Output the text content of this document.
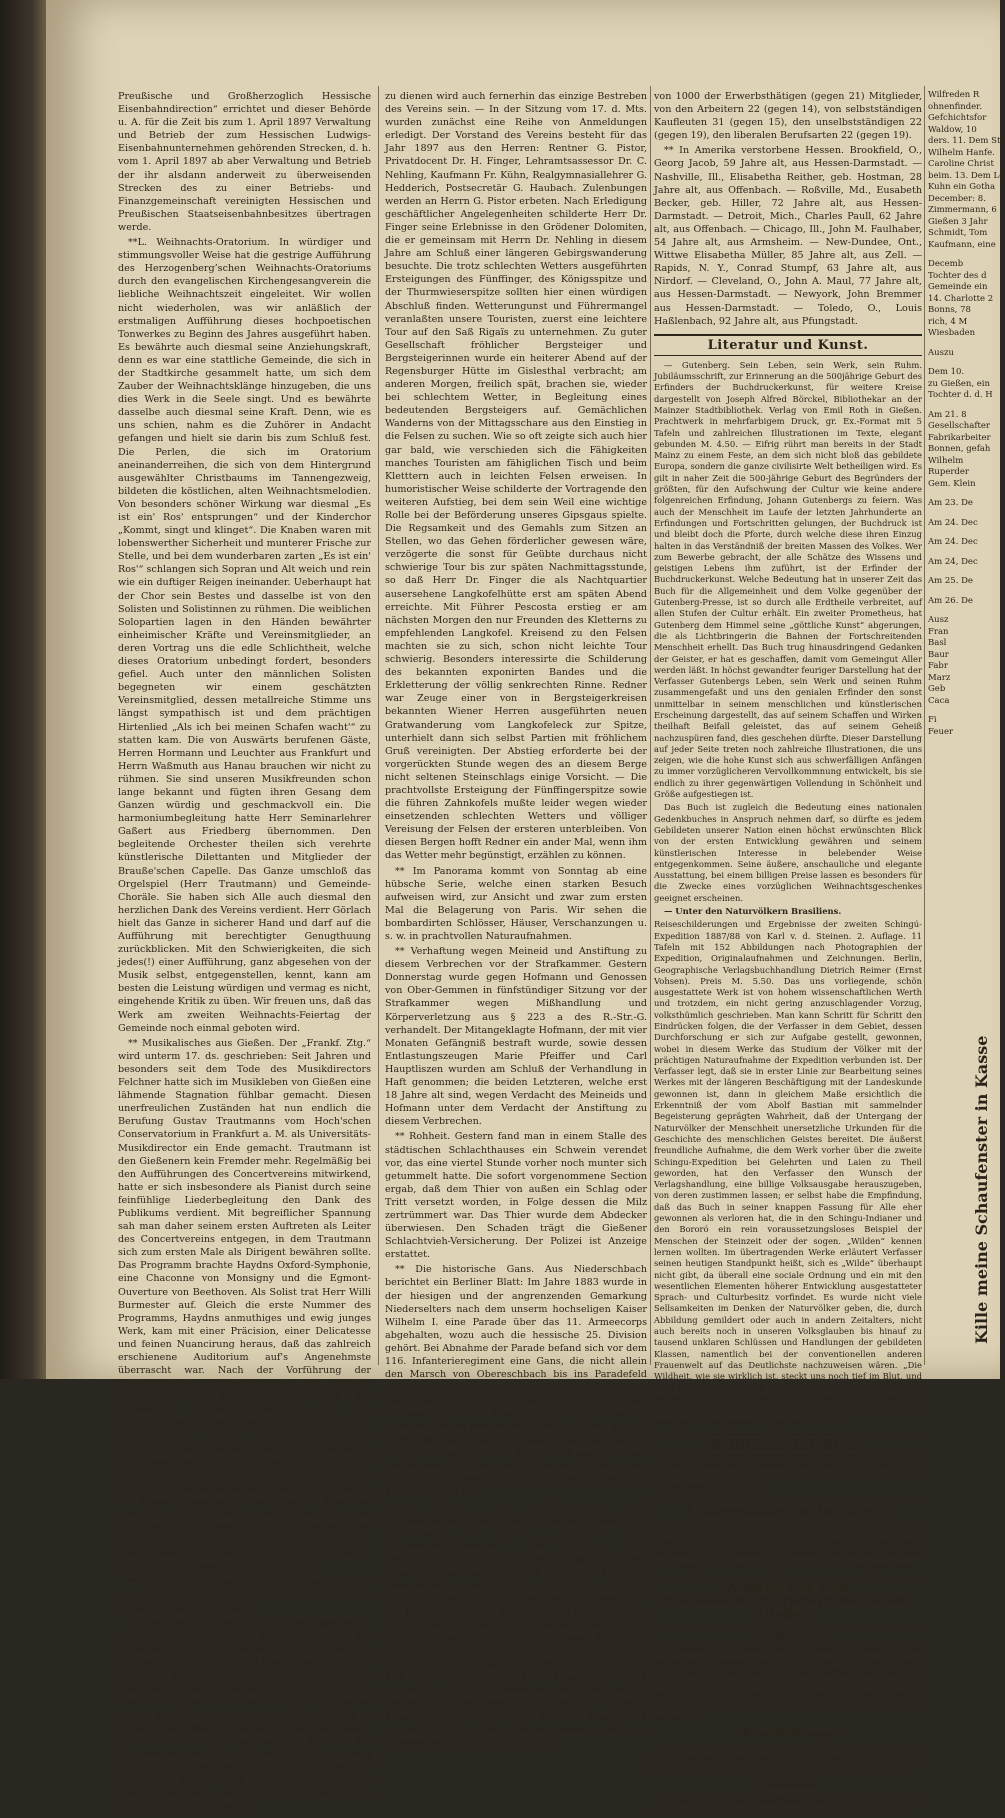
Preußische und Großherzoglich Hessische Eisenbahndirection“ errichtet und dieser Behörde u. A. für die Zeit bis zum 1. April 1897 Verwaltung und Betrieb der zum Hessischen Ludwigs-Eisenbahnunternehmen gehörenden Strecken, d. h. vom 1. April 1897 ab aber Verwaltung und Betrieb der ihr alsdann anderweit zu überweisenden Strecken des zu einer Betriebs- und Finanzgemeinschaft vereinigten Hessischen und Preußischen Staatseisenbahnbesitzes übertragen werde.

**L. Weihnachts-Oratorium. In würdiger und stimmungsvoller Weise hat die gestrige Aufführung des Herzogenberg’schen Weihnachts-Oratoriums durch den evangelischen Kirchengesangverein die liebliche Weihnachtszeit eingeleitet. Wir wollen nicht wiederholen, was wir anläßlich der erstmaligen Aufführung dieses hochpoetischen Tonwerkes zu Beginn des Jahres ausgeführt haben. Es bewährte auch diesmal seine Anziehungskraft, denn es war eine stattliche Gemeinde, die sich in der Stadtkirche gesammelt hatte, um sich dem Zauber der Weihnachtsklänge hinzugeben, die uns dies Werk in die Seele singt. Und es bewährte dasselbe auch diesmal seine Kraft. Denn, wie es uns schien, nahm es die Zuhörer in Andacht gefangen und hielt sie darin bis zum Schluß fest. Die Perlen, die sich im Oratorium aneinanderreihen, die sich von dem Hintergrund ausgewählter Christbaums im Tannengezweig, bildeten die köstlichen, alten Weihnachtsmelodien. Von besonders schöner Wirkung war diesmal „Es ist ein' Ros' entsprungen“ und der Kinderchor „Kommt, singt und klinget“. Die Knaben waren mit lobenswerther Sicherheit und munterer Frische zur Stelle, und bei dem wunderbaren zarten „Es ist ein' Ros'“ schlangen sich Sopran und Alt weich und rein wie ein duftiger Reigen ineinander. Ueberhaupt hat der Chor sein Bestes und dasselbe ist von den Solisten und Solistinnen zu rühmen. Die weiblichen Solopartien lagen in den Händen bewährter einheimischer Kräfte und Vereinsmitglieder, an deren Vortrag uns die edle Schlichtheit, welche dieses Oratorium unbedingt fordert, besonders gefiel. Auch unter den männlichen Solisten begegneten wir einem geschätzten Vereinsmitglied, dessen metallreiche Stimme uns längst sympathisch ist und dem prächtigen Hirtenlied „Als ich bei meinen Schafen wacht'“ zu statten kam. Die von Auswärts berufenen Gäste, Herren Hormann und Leuchter aus Frankfurt und Herrn Waßmuth aus Hanau brauchen wir nicht zu rühmen. Sie sind unseren Musikfreunden schon lange bekannt und fügten ihren Gesang dem Ganzen würdig und geschmackvoll ein. Die harmoniumbegleitung hatte Herr Seminarlehrer Gaßert aus Friedberg übernommen. Den begleitende Orchester theilen sich verehrte künstlerische Dilettanten und Mitglieder der Brauße'schen Capelle. Das Ganze umschloß das Orgelspiel (Herr Trautmann) und Gemeinde-Choräle. Sie haben sich Alle auch diesmal den herzlichen Dank des Vereins verdient. Herr Görlach hielt das Ganze in sicherer Hand und darf auf die Aufführung mit berechtigter Genugthuung zurückblicken. Mit den Schwierigkeiten, die sich jedes(!) einer Aufführung, ganz abgesehen von der Musik selbst, entgegenstellen, kennt, kann am besten die Leistung würdigen und vermag es nicht, eingehende Kritik zu üben. Wir freuen uns, daß das Werk am zweiten Weihnachts-Feiertag der Gemeinde noch einmal geboten wird.

** Musikalisches aus Gießen. Der „Frankf. Ztg.“ wird unterm 17. ds. geschrieben: Seit Jahren und besonders seit dem Tode des Musikdirectors Felchner hatte sich im Musikleben von Gießen eine lähmende Stagnation fühlbar gemacht. Diesen unerfreulichen Zuständen hat nun endlich die Berufung Gustav Trautmanns vom Hoch'schen Conservatorium in Frankfurt a. M. als Universitäts-Musikdirector ein Ende gemacht. Trautmann ist den Gießenern kein Fremder mehr. Regelmäßig bei den Aufführungen des Concertvereins mitwirkend, hatte er sich insbesondere als Pianist durch seine feinfühlige Liederbegleitung den Dank des Publikums verdient. Mit begreiflicher Spannung sah man daher seinem ersten Auftreten als Leiter des Concertvereins entgegen, in dem Trautmann sich zum ersten Male als Dirigent bewähren sollte. Das Programm brachte Haydns Oxford-Symphonie, eine Chaconne von Monsigny und die Egmont-Ouverture von Beethoven. Als Solist trat Herr Willi Burmester auf. Gleich die erste Nummer des Programms, Haydns anmuthiges und ewig junges Werk, kam mit einer Präcision, einer Delicatesse und feinen Nuancirung heraus, daß das zahlreich erschienene Auditorium auf's Angenehmste überrascht war. Nach der Vorführung der Monsigny'schen Composition und der Egmont-Ouverture, ganz besonders aber nach der schwierigen Orchesterbegleitung des von Burmester meisterhaft gespielten Spohr'schen E-moll-Concertes konnte man mit absoluter Sicherheit die hervorragenden Eigenschaften Trautmanns als Dirigent feststellen. Zum ersten Male konnte man beim Streichquartett des Orchesters eine wohlthuende Uebereinstimmung in der Bogenführung wahrnehmen, und die Bläser, an deren Unzulänglichkeit in den letzten Jahren so manches Concert gescheitert war, zeigten eine Correctheit und Decenz, die geradezu frappirten. Das Publikum bereitete dem neuen Universitäts-Musikdirector einen herzlichen Empfang.

** Eis-Concert. Das für morgen in Aussicht genommene Militärconcert findet der ungünstigen Witterung halber nicht statt.

** Deutscher und Oesterreichischer Alpenverein. Mit dem December d. J. tritt die Section Gießen des Deutschen und Oesterreichischen Alpenvereins in das zweite Decennium ihres Bestehens ein. Daß es den acht Herren, die vor einem Jahrzehnt zur Begründung einer selbstständigen Section Gießen zusammentraten, trotz mancher Schwierigkeiten gelang dem Verein, in unserer verhältnißmäßig so kleinen Stadt, festen Bestand zu geben, lag daran, daß sie, völlig selbstlos, nur die Zwecke des Alpenvereins vor Augen hatten: Die Begeisterung für die Natur, besonders die der Hochgebirgsnatur zu wecken, die Kenntniß der Alpen zu verbreiten und zu vertiefen, die Bereisung derselben zu erleichtern. Diesen Zwecken

zu dienen wird auch fernerhin das einzige Bestreben des Vereins sein. — In der Sitzung vom 17. d. Mts. wurden zunächst eine Reihe von Anmeldungen erledigt. Der Vorstand des Vereins besteht für das Jahr 1897 aus den Herren: Rentner G. Pistor, Privatdocent Dr. H. Finger, Lehramtsassessor Dr. C. Nehling, Kaufmann Fr. Kühn, Realgymnasiallehrer G. Hedderich, Postsecretär G. Haubach. Zulenbungen werden an Herrn G. Pistor erbeten. Nach Erledigung geschäftlicher Angelegenheiten schilderte Herr Dr. Finger seine Erlebnisse in den Grödener Dolomiten, die er gemeinsam mit Herrn Dr. Nehling in diesem Jahre am Schluß einer längeren Gebirgswanderung besuchte. Die trotz schlechten Wetters ausgeführten Ersteigungen des Fünffinger, des Königsspitze und der Thurmwieserspitze sollten hier einen würdigen Abschluß finden. Wetterungunst und Führermangel veranlaßten unsere Touristen, zuerst eine leichtere Tour auf den Saß Rigaïs zu unternehmen. Zu guter Gesellschaft fröhlicher Bergsteiger und Bergsteigerinnen wurde ein heiterer Abend auf der Regensburger Hütte im Gislesthal verbracht; am anderen Morgen, freilich spät, brachen sie, wieder bei schlechtem Wetter, in Begleitung eines bedeutenden Bergsteigers auf. Gemächlichen Wanderns von der Mittagsschare aus den Einstieg in die Felsen zu suchen. Wie so oft zeigte sich auch hier gar bald, wie verschieden sich die Fähigkeiten manches Touristen am fähiglichen Tisch und beim Kletttern auch in leichten Felsen erweisen. In humoristischer Weise schilderte der Vortragende den weiteren Aufstieg, bei dem sein Weil eine wichtige Rolle bei der Beförderung unseres Gipsgaus spielte. Die Regsamkeit und des Gemahls zum Sitzen an Stellen, wo das Gehen förderlicher gewesen wäre, verzögerte die sonst für Geübte durchaus nicht schwierige Tour bis zur späten Nachmittagsstunde, so daß Herr Dr. Finger die als Nachtquartier ausersehene Langkofelhütte erst am späten Abend erreichte. Mit Führer Pescosta erstieg er am nächsten Morgen den nur Freunden des Kletterns zu empfehlenden Langkofel. Kreisend zu den Felsen machten sie zu sich, schon nicht leichte Tour schwierig. Besonders interessirte die Schilderung des bekannten exponirten Bandes und die Erkletterung der völlig senkrechten Rinne. Redner war Zeuge einer von in Bergsteigerkreisen bekannten Wiener Herren ausgeführten neuen Gratwanderung vom Langkofeleck zur Spitze, unterhielt dann sich selbst Partien mit fröhlichem Gruß vereinigten. Der Abstieg erforderte bei der vorgerückten Stunde wegen des an diesem Berge nicht seltenen Steinschlags einige Vorsicht. — Die prachtvollste Ersteigung der Fünffingerspitze sowie die führen Zahnkofels mußte leider wegen wieder einsetzenden schlechten Wetters und völliger Vereisung der Felsen der ersteren unterbleiben. Von diesen Bergen hofft Redner ein ander Mal, wenn ihm das Wetter mehr begünstigt, erzählen zu können.

** Im Panorama kommt von Sonntag ab eine hübsche Serie, welche einen starken Besuch aufweisen wird, zur Ansicht und zwar zum ersten Mal die Belagerung von Paris. Wir sehen die bombardirten Schlösser, Häuser, Verschanzungen u. s. w. in prachtvollen Naturaufnahmen.

** Verhaftung wegen Meineid und Anstiftung zu diesem Verbrechen vor der Strafkammer. Gestern Donnerstag wurde gegen Hofmann und Genossen von Ober-Gemmen in fünfstündiger Sitzung vor der Strafkammer wegen Mißhandlung und Körperverletzung aus § 223 a des R.-Str.-G. verhandelt. Der Mitangeklagte Hofmann, der mit vier Monaten Gefängniß bestraft wurde, sowie dessen Entlastungszeugen Marie Pfeiffer und Carl Hauptliszen wurden am Schluß der Verhandlung in Haft genommen; die beiden Letzteren, welche erst 18 Jahre alt sind, wegen Verdacht des Meineids und Hofmann unter dem Verdacht der Anstiftung zu diesem Verbrechen.

** Rohheit. Gestern fand man in einem Stalle des städtischen Schlachthauses ein Schwein verendet vor, das eine viertel Stunde vorher noch munter sich getummelt hatte. Die sofort vorgenommene Section ergab, daß dem Thier von außen ein Schlag oder Tritt versetzt worden, in Folge dessen die Milz zertrümmert war. Das Thier wurde dem Abdecker überwiesen. Den Schaden trägt die Gießener Schlachtvieh-Versicherung. Der Polizei ist Anzeige erstattet.

** Die historische Gans. Aus Niederschbach berichtet ein Berliner Blatt: Im Jahre 1883 wurde in der hiesigen und der angrenzenden Gemarkung Niederselters nach dem unserm hochseligen Kaiser Wilhelm I. eine Parade über das 11. Armeecorps abgehalten, wozu auch die hessische 25. Division gehört. Bei Abnahme der Parade befand sich vor dem 116. Infanterieregiment eine Gans, die nicht allein den Marsch von Obereschbach bis ins Paradefeld mitmachte, sondern auch den Parademarsch. Diese Gans lebt noch. Die Besitzerin, eine Wittwe Hartmann-Schättler, bradfichtigte sie Weihnachten zu einem Braten herzurichten (die gute Frau scheint noch schneidige Zähne zu haben), aber patriotische Männer haben das Leben des Thieres angekauft und beschlossen, der Gans das Gnadenbrot zu geben zum Andenken an jene Parade vor dem hochseligen Kaiser Wilhelm I.

** Ueber die Fortschritte des Genossenschaftswesens in Deutschland stellt Dr. Hirschberg in den „Blättern für Genossenschaftswesen“ auf Grund der Berufszählung von 1895 Untersuchungen an. Dabei kommt er zu dem Ergebniß, daß auf 100 000 Erwerbsfähige im Deutschen Reiche jetzt 62 Mitglieder von Creditvereinen entfallen, gegen 37 vor 13 Jahren (zur Zeit der damaligen Berufszählung) und daß die Mitglieder der Consumvereine jetzt 22 auf 1000 Erwerbsthätige beträgt, gegen 11 vor 13 Jahren. Von 1000 selbstständigen Landwirthen gehören etwa 300 den Vorschußvereinen an, gegen 154 vor 13 Jahren, von 1000 Handwerkern 131 (gegen 74), von 1000 selbstständigen Kaufleuten 141 (gegen 90) und von 1000 Aerzten, Lehrern, Künstlern, Schriftstellern und höheren Beamten 41 (gegen 31). Bei den Consumvereinen sind von Handwerkern und Fabrikanten 30

von 1000 der Erwerbsthätigen (gegen 21) Mitglieder, von den Arbeitern 22 (gegen 14), von selbstständigen Kaufleuten 31 (gegen 15), den unselbstständigen 22 (gegen 19), den liberalen Berufsarten 22 (gegen 19).

** In Amerika verstorbene Hessen. Brookfield, O., Georg Jacob, 59 Jahre alt, aus Hessen-Darmstadt. — Nashville, Ill., Elisabetha Reither, geb. Hostman, 28 Jahre alt, aus Offenbach. — Roßville, Md., Eusabeth Becker, geb. Hiller, 72 Jahre alt, aus Hessen-Darmstadt. — Detroit, Mich., Charles Paull, 62 Jahre alt, aus Offenbach. — Chicago, Ill., John M. Faulhaber, 54 Jahre alt, aus Armsheim. — New-Dundee, Ont., Wittwe Elisabetha Müller, 85 Jahre alt, aus Zell. — Rapids, N. Y., Conrad Stumpf, 63 Jahre alt, aus Nirdorf. — Cleveland, O., John A. Maul, 77 Jahre alt, aus Hessen-Darmstadt. — Newyork, John Bremmer aus Hessen-Darmstadt. — Toledo, O., Louis Haßlenbach, 92 Jahre alt, aus Pfungstadt.

Literatur und Kunst.

— Gutenberg. Sein Leben, sein Werk, sein Ruhm. Jubiläumsschrift, zur Erinnerung an die 500jährige Geburt des Erfinders der Buchdruckerkunst, für weitere Kreise dargestellt von Joseph Alfred Börckel, Bibliothekar an der Mainzer Stadtbibliothek. Verlag von Emil Roth in Gießen. Prachtwerk in mehrfarbigem Druck, gr. Ex.-Format mit 5 Tafeln und zahlreichen Illustrationen im Texte, elegant gebunden M. 4.50. — Eifrig rührt man bereits in der Stadt Mainz zu einem Feste, an dem sich nicht bloß das gebildete Europa, sondern die ganze civilisirte Welt betheiligen wird. Es gilt in naher Zeit die 500-jährige Geburt des Begründers der größten, für den Aufschwung der Cultur wie keine andere folgenreichen Erfindung, Johann Gutenbergs zu feiern. Was auch der Menschheit im Laufe der letzten Jahrhunderte an Erfindungen und Fortschritten gelungen, der Buchdruck ist und bleibt doch die Pforte, durch welche diese ihren Einzug halten in das Verständniß der breiten Massen des Volkes. Wer zum Bewerbe gebracht, der alle Schätze des Wissens und geistigen Lebens ihm zuführt, ist der Erfinder der Buchdruckerkunst. Welche Bedeutung hat in unserer Zeit das Buch für die Allgemeinheit und dem Volke gegenüber der Gutenberg-Presse, ist so durch alle Erdtheile verbreitet, auf allen Stufen der Cultur erhält. Ein zweiter Prometheus, hat Gutenberg dem Himmel seine „göttliche Kunst“ abgerungen, die als Lichtbringerin die Bahnen der Fortschreitenden Menschheit erhellt. Das Buch trug hinausdringend Gedanken der Geister, er hat es geschaffen, damit vom Gemeingut Aller werden läßt. In höchst gewandter feuriger Darstellung hat der Verfasser Gutenbergs Leben, sein Werk und seinen Ruhm zusammengefaßt und uns den genialen Erfinder den sonst unmittelbar in seinem menschlichen und künstlerischen Erscheinung dargestellt, das auf seinem Schaffen und Wirken theilhaft Beifall geleistet, das auf seinem Geheiß nachzuspüren fand, dies geschehen dürfte. Dieser Darstellung auf jeder Seite treten noch zahlreiche Illustrationen, die uns zeigen, wie die hohe Kunst sich aus schwerfälligen Anfängen zu immer vorzüglicheren Vervollkommnung entwickelt, bis sie endlich zu ihrer gegenwärtigen Vollendung in Schönheit und Größe aufgestiegen ist.

Das Buch ist zugleich die Bedeutung eines nationalen Gedenkbuches in Anspruch nehmen darf, so dürfte es jedem Gebildeten unserer Nation einen höchst erwünschten Blick von der ersten Entwicklung gewähren und seinem künstlerischen Interesse in belebender Weise entgegenkommen. Seine äußere, anschauliche und elegante Ausstattung, bei einem billigen Preise lassen es besonders für die Zwecke eines vorzüglichen Weihnachtsgeschenkes geeignet erscheinen.

— Unter den Naturvölkern Brasiliens.

Reiseschilderungen und Ergebnisse der zweiten Schingú-Expedition 1887/88 von Karl v. d. Steinen. 2. Auflage. 11 Tafeln mit 152 Abbildungen nach Photographien der Expedition, Originalaufnahmen und Zeichnungen. Berlin, Geographische Verlagsbuchhandlung Dietrich Reimer (Ernst Vohsen). Preis M. 5.50. Das uns vorliegende, schön ausgestattete Werk ist von hohem wissenschaftlichen Werth und trotzdem, ein nicht gering anzuschlagender Vorzug, volksthümlich geschrieben. Man kann Schritt für Schritt den Eindrücken folgen, die der Verfasser in dem Gebiet, dessen Durchforschung er sich zur Aufgabe gestellt, gewonnen, wobei in diesem Werke das Studium der Völker mit der prächtigen Naturaufnahme der Expedition verbunden ist. Der Verfasser legt, daß sie in erster Linie zur Bearbeitung seines Werkes mit der längeren Beschäftigung mit der Landeskunde gewonnen ist, dann in gleichem Maße ersichtlich die Erkenntniß der vom Abolf Bastian mit sammelnder Begeisterung geprägten Wahrheit, daß der Untergang der Naturvölker der Menschheit unersetzliche Urkunden für die Geschichte des menschlichen Geistes bereitet. Die äußerst freundliche Aufnahme, die dem Werk vorher über die zweite Schingu-Expedition bei Gelehrten und Laien zu Theil geworden, hat den Verfasser den Wunsch der Verlagshandlung, eine billige Volksausgabe herauszugeben, von deren zustimmen lassen; er selbst habe die Empfindung, daß das Buch in seiner knappen Fassung für Alle eher gewonnen als verloren hat, die in den Schingu-Indianer und den Bororó ein rein voraussetzungsloses Beispiel der Menschen der Steinzeit oder der sogen. „Wilden“ kennen lernen wollten. Im übertragenden Werke erläutert Verfasser seinen heutigen Standpunkt heißt, sich es „Wilde“ überhaupt nicht gibt, da überall eine sociale Ordnung und ein mit den wesentlichen Elementen höherer Entwicklung ausgestatteter Sprach- und Culturbesitz vorfindet. Es wurde nicht viele Sellsamkeiten im Denken der Naturvölker geben, die, durch Abbildung gemildert oder auch in andern Zeitalters, nicht auch bereits noch in unseren Volksglauben bis hinauf zu tausend unklaren Schlüssen und Handlungen der gebildeten Klassen, namentlich bei der conventionellen anderen Frauenwelt auf das Deutlichste nachzuweisen wären. „Die Wildheit, wie sie wirklich ist, steckt uns noch tief im Blut, und doch ist eine immer noch seltsame Seite, die der Verfasser in diesem höchst spannenden Buche hier gewinnt, daß ein Einblick in ihr Kulturleben, wenn nicht höher, die unsrige viel niedriger, als sie gemeinhin gedacht wird.“

Schiffsnachrichten.

Der Postdampfer „Friesland“ der „Red Star Line“ ist in Antwerpen ist laut Telegramm am 16. December wohlbehalten in New-Pork angekommen.

Universitäts-Nachrichten.

Marburg, 18. December. Gestern ist hier der berühmte Geschichtsforscher Rauch im Alter von 58 Jahren gestorben. München, 18. December. Der frühere Professor der Anatomie in Erlangen Dr. v. Gerlach ist gestern in München gestorben.

Auszug aus den Standesamtsregistern der Stadt Gießen.
Aufgebote.

December: 14. Heinrich Kühl, Hoteliez zu Karlsruhe, mit Katharine Franziska Hall zu München. 16. Karl Albert, Taglöhner zu Gießen, mit Elisabetha Hermann hierselbst. 16. Albert Rupp, Zuschneider dahier, mit Emma Marie Lisa Waither zu Brückenheide. 18. Wilhelm Friedrich Moritz Sewening, Arbeiter dahier, mit Susanne Schlesinger hierselbst.

Eheschließungen.

December: 12. Ludwig Albach, Arbeiter dahier, mit Katharine Wien hierselbst. 17. Gustav Moritz Ludwig Selb, Malermeister zu Greifswald, mit Minna Schmidt hierselbst.

Geborene.

December: 9. Dem Tabakarbeiter Martin Müller ein Sohn. 9. Dem Lackirer Phil'pp Horn eine Tochter. 9. Dem Stations-

Wilfreden R
ohnenfinder.
Gefchichtsfor
Waldow, 10
ders. 11. Dem Ste
Wilhelm Hanfe.
Caroline Christ
beim. 13. Dem Lo
Kuhn ein Gotha
December: 8.
Zimmermann, 6
Gießen 3 Jahr
Schmidt, Tom
Kaufmann, eine
Decemb
Tochter des d
Gemeinde ein
14. Charlotte 2
Bonns, 78
rich, 4 M
Wiesbaden
Auszu
Dem 10.
zu Gießen, ein
Tochter d. d. H
Am 21. 8
Gesellschafter
Fabrikarbeiter
Bonnen, gefah
Wilhelm
Ruperder
Gem. Klein
Am 23. De
Am 24. Dec
Am 24. Dec
Am 24, Dec
Am 25. De
Am 26. De
Ausz
Fran
Basl
Baur
Fabr
Marz
Geb
Caca
Fi
Feuer
Kille meine Schaufenster in Kasse
